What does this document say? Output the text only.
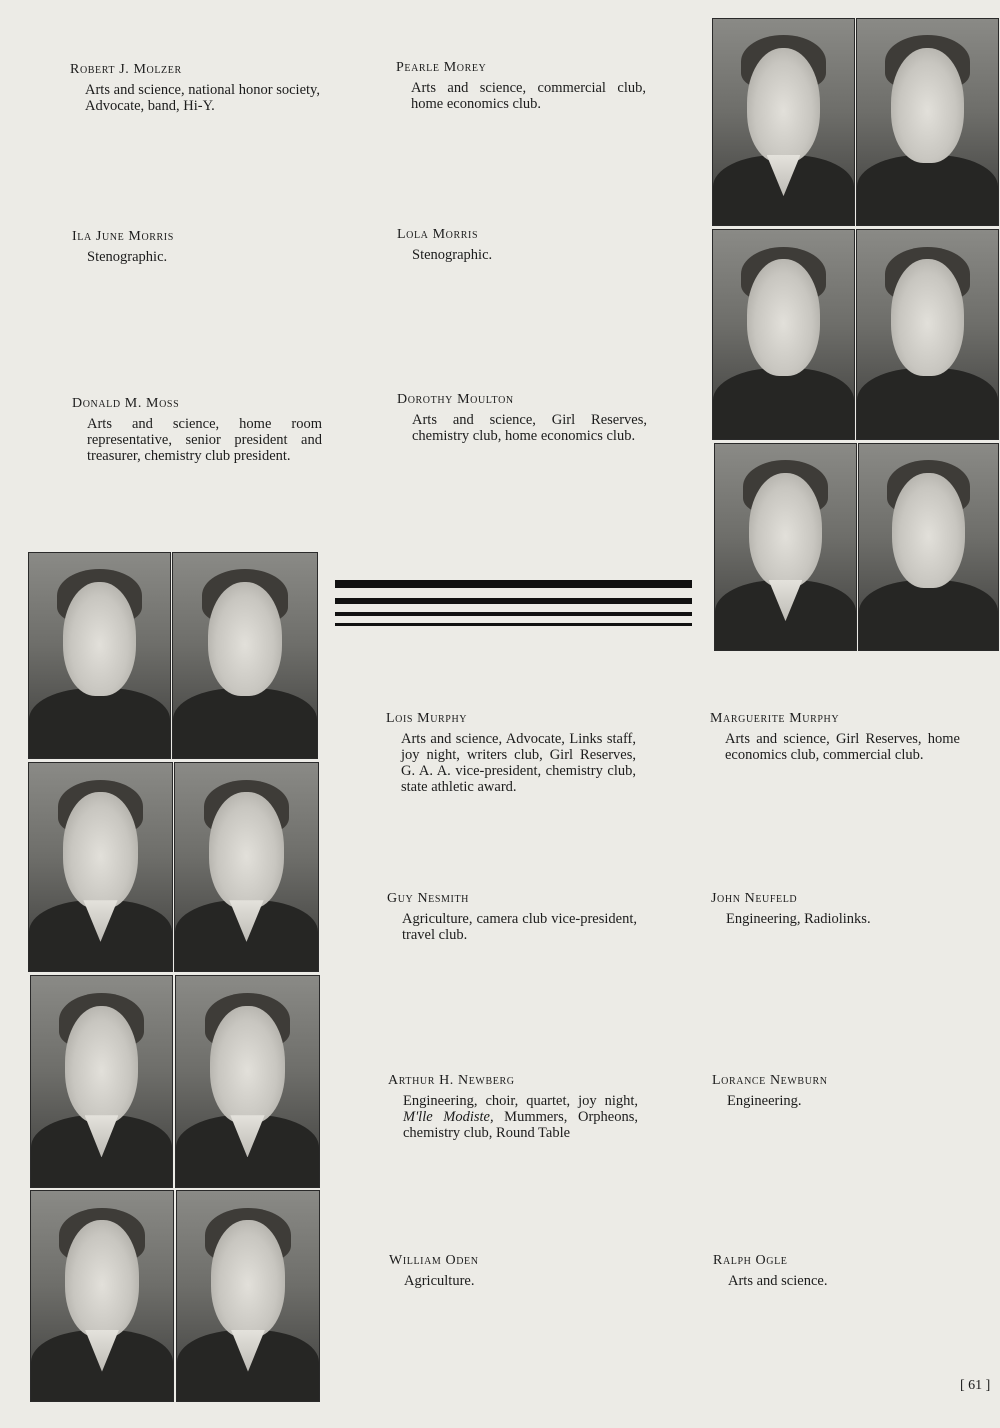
Robert J. Molzer
Arts and science, national honor society, Advocate, band, Hi-Y.
Pearle Morey
Arts and science, commercial club, home economics club.
Ila June Morris
Stenographic.
Lola Morris
Stenographic.
Donald M. Moss
Arts and science, home room representative, senior president and treasurer, chemistry club president.
Dorothy Moulton
Arts and science, Girl Reserves, chemistry club, home economics club.
Lois Murphy
Arts and science, Advocate, Links staff, joy night, writers club, Girl Reserves, G. A. A. vice-president, chemistry club, state athletic award.
Marguerite Murphy
Arts and science, Girl Reserves, home economics club, commercial club.
Guy Nesmith
Agriculture, camera club vice-president, travel club.
John Neufeld
Engineering, Radiolinks.
Arthur H. Newberg
Engineering, choir, quartet, joy night, M'lle Modiste, Mummers, Orpheons, chemistry club, Round Table
Lorance Newburn
Engineering.
William Oden
Agriculture.
Ralph Ogle
Arts and science.
[ 61 ]
